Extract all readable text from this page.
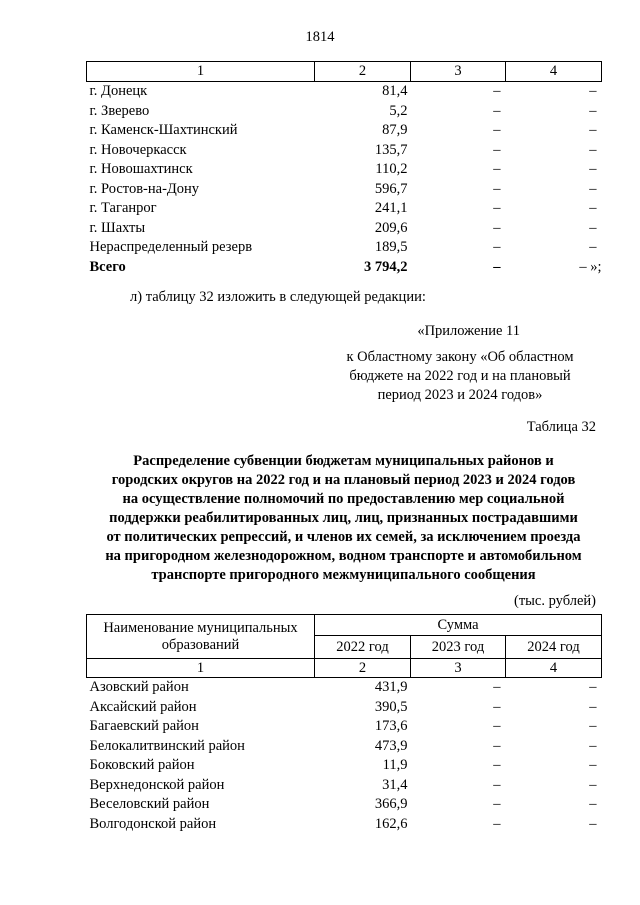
1814
1	2	3	4
г. Донецк	81,4	–	–
г. Зверево	5,2	–	–
г. Каменск-Шахтинский	87,9	–	–
г. Новочеркасск	135,7	–	–
г. Новошахтинск	110,2	–	–
г. Ростов-на-Дону	596,7	–	–
г. Таганрог	241,1	–	–
г. Шахты	209,6	–	–
Нераспределенный резерв	189,5	–	–
Всего	3 794,2	–	– »;
л) таблицу 32 изложить в следующей редакции:
«Приложение 11
к Областному закону «Об областном
бюджете на 2022 год и на плановый
период 2023 и 2024 годов»
Таблица 32
Распределение субвенции бюджетам муниципальных районов и
городских округов на 2022 год и на плановый период 2023 и 2024 годов
на осуществление полномочий по предоставлению мер социальной
поддержки реабилитированных лиц, лиц, признанных пострадавшими
от политических репрессий, и членов их семей, за исключением проезда
на пригородном железнодорожном, водном транспорте и автомобильном
транспорте пригородного межмуниципального сообщения
(тыс. рублей)
Наименование муниципальных
образований	Сумма		
	2022 год	2023 год	2024 год
1	2	3	4
Азовский район	431,9	–	–
Аксайский район	390,5	–	–
Багаевский район	173,6	–	–
Белокалитвинский район	473,9	–	–
Боковский район	11,9	–	–
Верхнедонской район	31,4	–	–
Веселовский район	366,9	–	–
Волгодонской район	162,6	–	–
